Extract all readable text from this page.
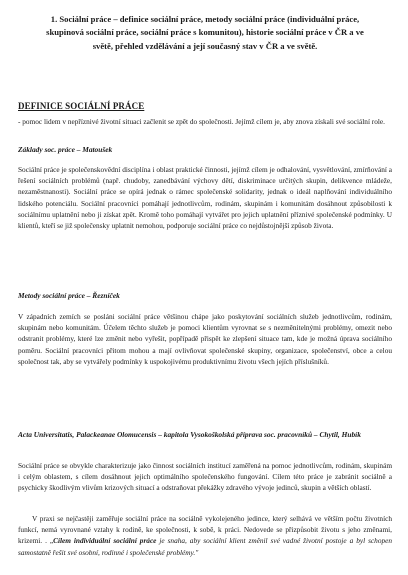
1. Sociální práce – definice sociální práce, metody sociální práce (individuální práce, skupinová sociální práce, sociální práce s komunitou), historie sociální práce v ČR a ve světě, přehled vzdělávání a její současný stav v ČR a ve světě.
DEFINICE SOCIÁLNÍ PRÁCE
- pomoc lidem v nepříznivé životní situaci začlenit se zpět do společnosti. Jejímž cílem je, aby znova získali své sociální role.
Základy soc. práce – Matoušek
Sociální práce je společenskovědní disciplína i oblast praktické činnosti, jejímž cílem je odhalování, vysvětlování, zmírňování a řešení sociálních problémů (např. chudoby, zanedbávání výchovy dětí, diskriminace určitých skupin, delikvence mládeže, nezaměstnanosti). Sociální práce se opírá jednak o rámec společenské solidarity, jednak o ideál naplňování individuálního lidského potenciálu. Sociální pracovníci pomáhají jednotlivcům, rodinám, skupinám i komunitám dosáhnout způsobilosti k sociálnímu uplatnění nebo ji získat zpět. Kromě toho pomáhají vytvářet pro jejich uplatnění příznivé společenské podmínky. U klientů, kteří se již společensky uplatnit nemohou, podporuje sociální práce co nejdůstojnější způsob života.
Metody sociální práce – Řezníček
V západních zemích se posláni sociální práce většinou chápe jako poskytování sociálních služeb jednotlivcům, rodinám, skupinám nebo komunitám. Účelem těchto služeb je pomoci klientům vyrovnat se s nezměnitelnými problémy, omezit nebo odstranit problémy, které lze změnit nebo vyřešit, popřípadě přispět ke zlepšení situace tam, kde je možná úprava sociálního poměru. Sociální pracovníci přitom mohou a mají ovlivňovat společenské skupiny, organizace, společenství, obce a celou společnost tak, aby se vytvářely podmínky k uspokojivému produktivnímu životu všech jejích příslušníků.
Acta Universitatis, Palackeanae Olomucensis – kapitola Vysokoškolská příprava soc. pracovníků – Chytil, Hubík
Sociální práce se obvykle charakterizuje jako činnost sociálních institucí zaměřená na pomoc jednotlivcům, rodinám, skupinám i celým oblastem, s cílem dosáhnout jejich optimálního společenského fungování. Cílem této práce je zabránit sociálně a psychicky škodlivým vlivům krizových situací a odstraňovat překážky zdravého vývoje jedinců, skupin a větších oblastí.
V praxi se nejčastěji zaměřuje sociální práce na sociálně vykolejeného jedince, který selhává ve větším počtu životních funkcí, nemá vyrovnané vztahy k rodině, ke společnosti, k sobě, k práci. Nedovede se přizpůsobit životu s jeho změnami, krizemi. . „Cílem individuální sociální práce je snaha, aby sociální klient změnil své vadné životní postoje a byl schopen samostatně řešit své osobní, rodinné i společenské problémy."
